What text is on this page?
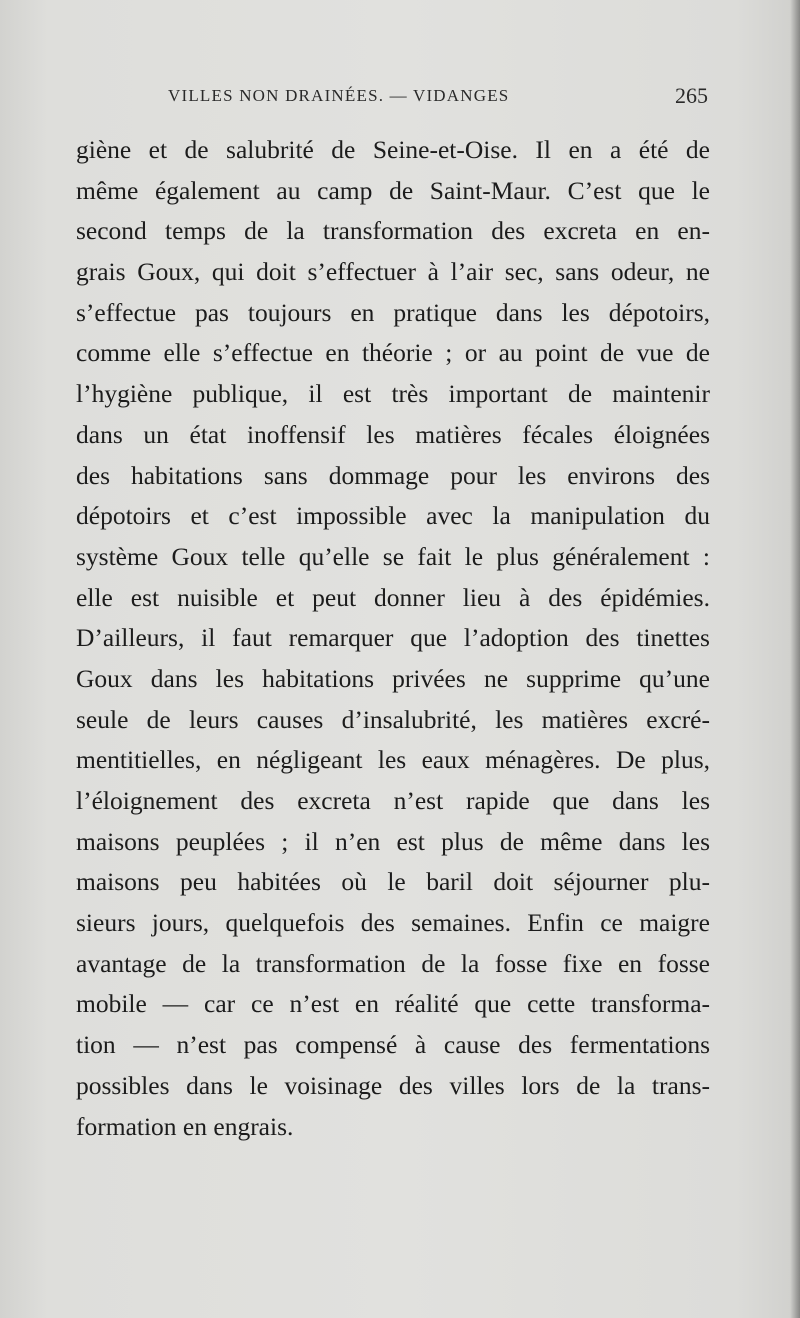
VILLES NON DRAINÉES. — VIDANGES	265
giène et de salubrité de Seine-et-Oise. Il en a été de
même également au camp de Saint-Maur. C’est que le
second temps de la transformation des excreta en en-
grais Goux, qui doit s’effectuer à l’air sec, sans odeur, ne
s’effectue pas toujours en pratique dans les dépotoirs,
comme elle s’effectue en théorie ; or au point de vue de
l’hygiène publique, il est très important de maintenir
dans un état inoffensif les matières fécales éloignées
des habitations sans dommage pour les environs des
dépotoirs et c’est impossible avec la manipulation du
système Goux telle qu’elle se fait le plus généralement :
elle est nuisible et peut donner lieu à des épidémies.
D’ailleurs, il faut remarquer que l’adoption des tinettes
Goux dans les habitations privées ne supprime qu’une
seule de leurs causes d’insalubrité, les matières excré-
mentitielles, en négligeant les eaux ménagères. De plus,
l’éloignement des excreta n’est rapide que dans les
maisons peuplées ; il n’en est plus de même dans les
maisons peu habitées où le baril doit séjourner plu-
sieurs jours, quelquefois des semaines. Enfin ce maigre
avantage de la transformation de la fosse fixe en fosse
mobile — car ce n’est en réalité que cette transforma-
tion — n’est pas compensé à cause des fermentations
possibles dans le voisinage des villes lors de la trans-
formation en engrais.
